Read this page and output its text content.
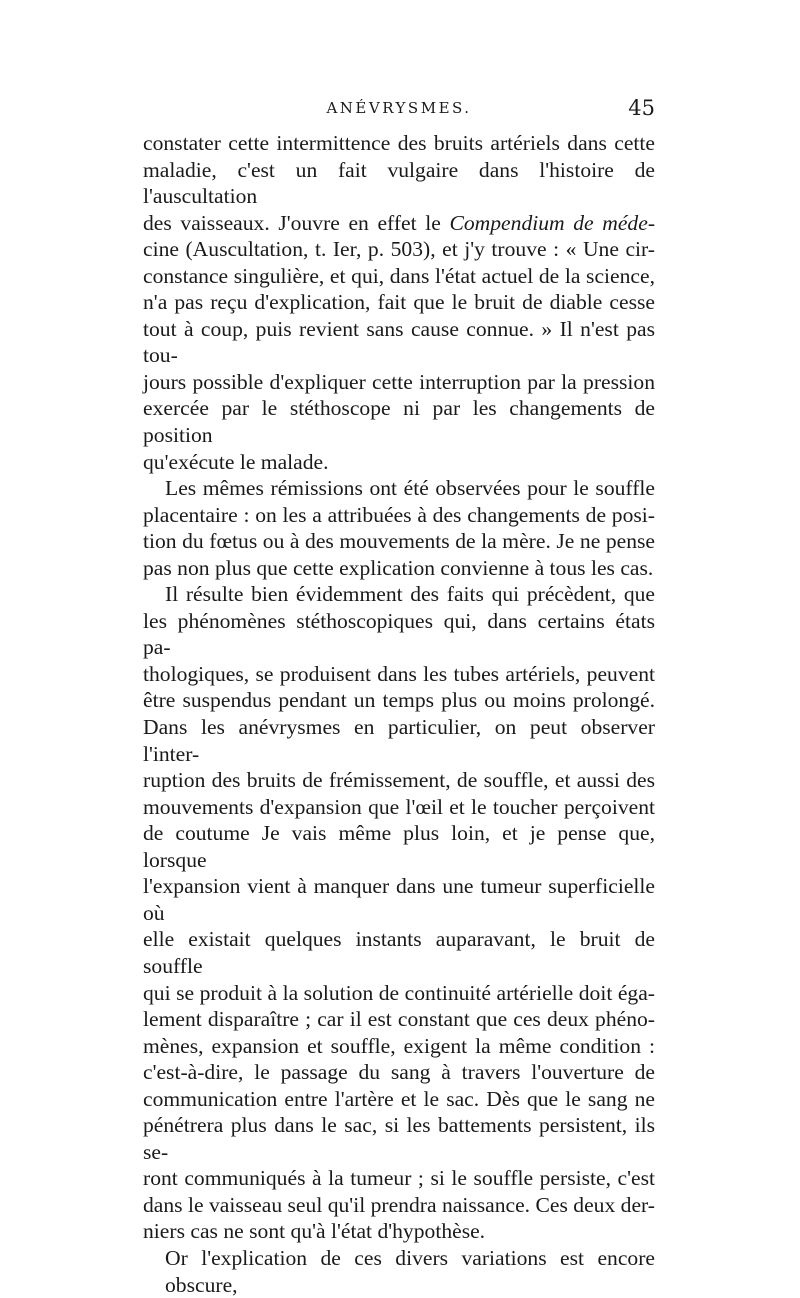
ANÉVRYSMES.	45
constater cette intermittence des bruits artériels dans cette
maladie, c'est un fait vulgaire dans l'histoire de l'auscultation
des vaisseaux. J'ouvre en effet le Compendium de méde-
cine (Auscultation, t. Ier, p. 503), et j'y trouve : « Une cir-
constance singulière, et qui, dans l'état actuel de la science,
n'a pas reçu d'explication, fait que le bruit de diable cesse
tout à coup, puis revient sans cause connue. » Il n'est pas tou-
jours possible d'expliquer cette interruption par la pression
exercée par le stéthoscope ni par les changements de position
qu'exécute le malade.
Les mêmes rémissions ont été observées pour le souffle
placentaire : on les a attribuées à des changements de posi-
tion du fœtus ou à des mouvements de la mère. Je ne pense
pas non plus que cette explication convienne à tous les cas.
Il résulte bien évidemment des faits qui précèdent, que
les phénomènes stéthoscopiques qui, dans certains états pa-
thologiques, se produisent dans les tubes artériels, peuvent
être suspendus pendant un temps plus ou moins prolongé.
Dans les anévrysmes en particulier, on peut observer l'inter-
ruption des bruits de frémissement, de souffle, et aussi des
mouvements d'expansion que l'œil et le toucher perçoivent
de coutume Je vais même plus loin, et je pense que, lorsque
l'expansion vient à manquer dans une tumeur superficielle où
elle existait quelques instants auparavant, le bruit de souffle
qui se produit à la solution de continuité artérielle doit éga-
lement disparaître ; car il est constant que ces deux phéno-
mènes, expansion et souffle, exigent la même condition :
c'est-à-dire, le passage du sang à travers l'ouverture de
communication entre l'artère et le sac. Dès que le sang ne
pénétrera plus dans le sac, si les battements persistent, ils se-
ront communiqués à la tumeur ; si le souffle persiste, c'est
dans le vaisseau seul qu'il prendra naissance. Ces deux der-
niers cas ne sont qu'à l'état d'hypothèse.
Or l'explication de ces divers variations est encore obscure,
